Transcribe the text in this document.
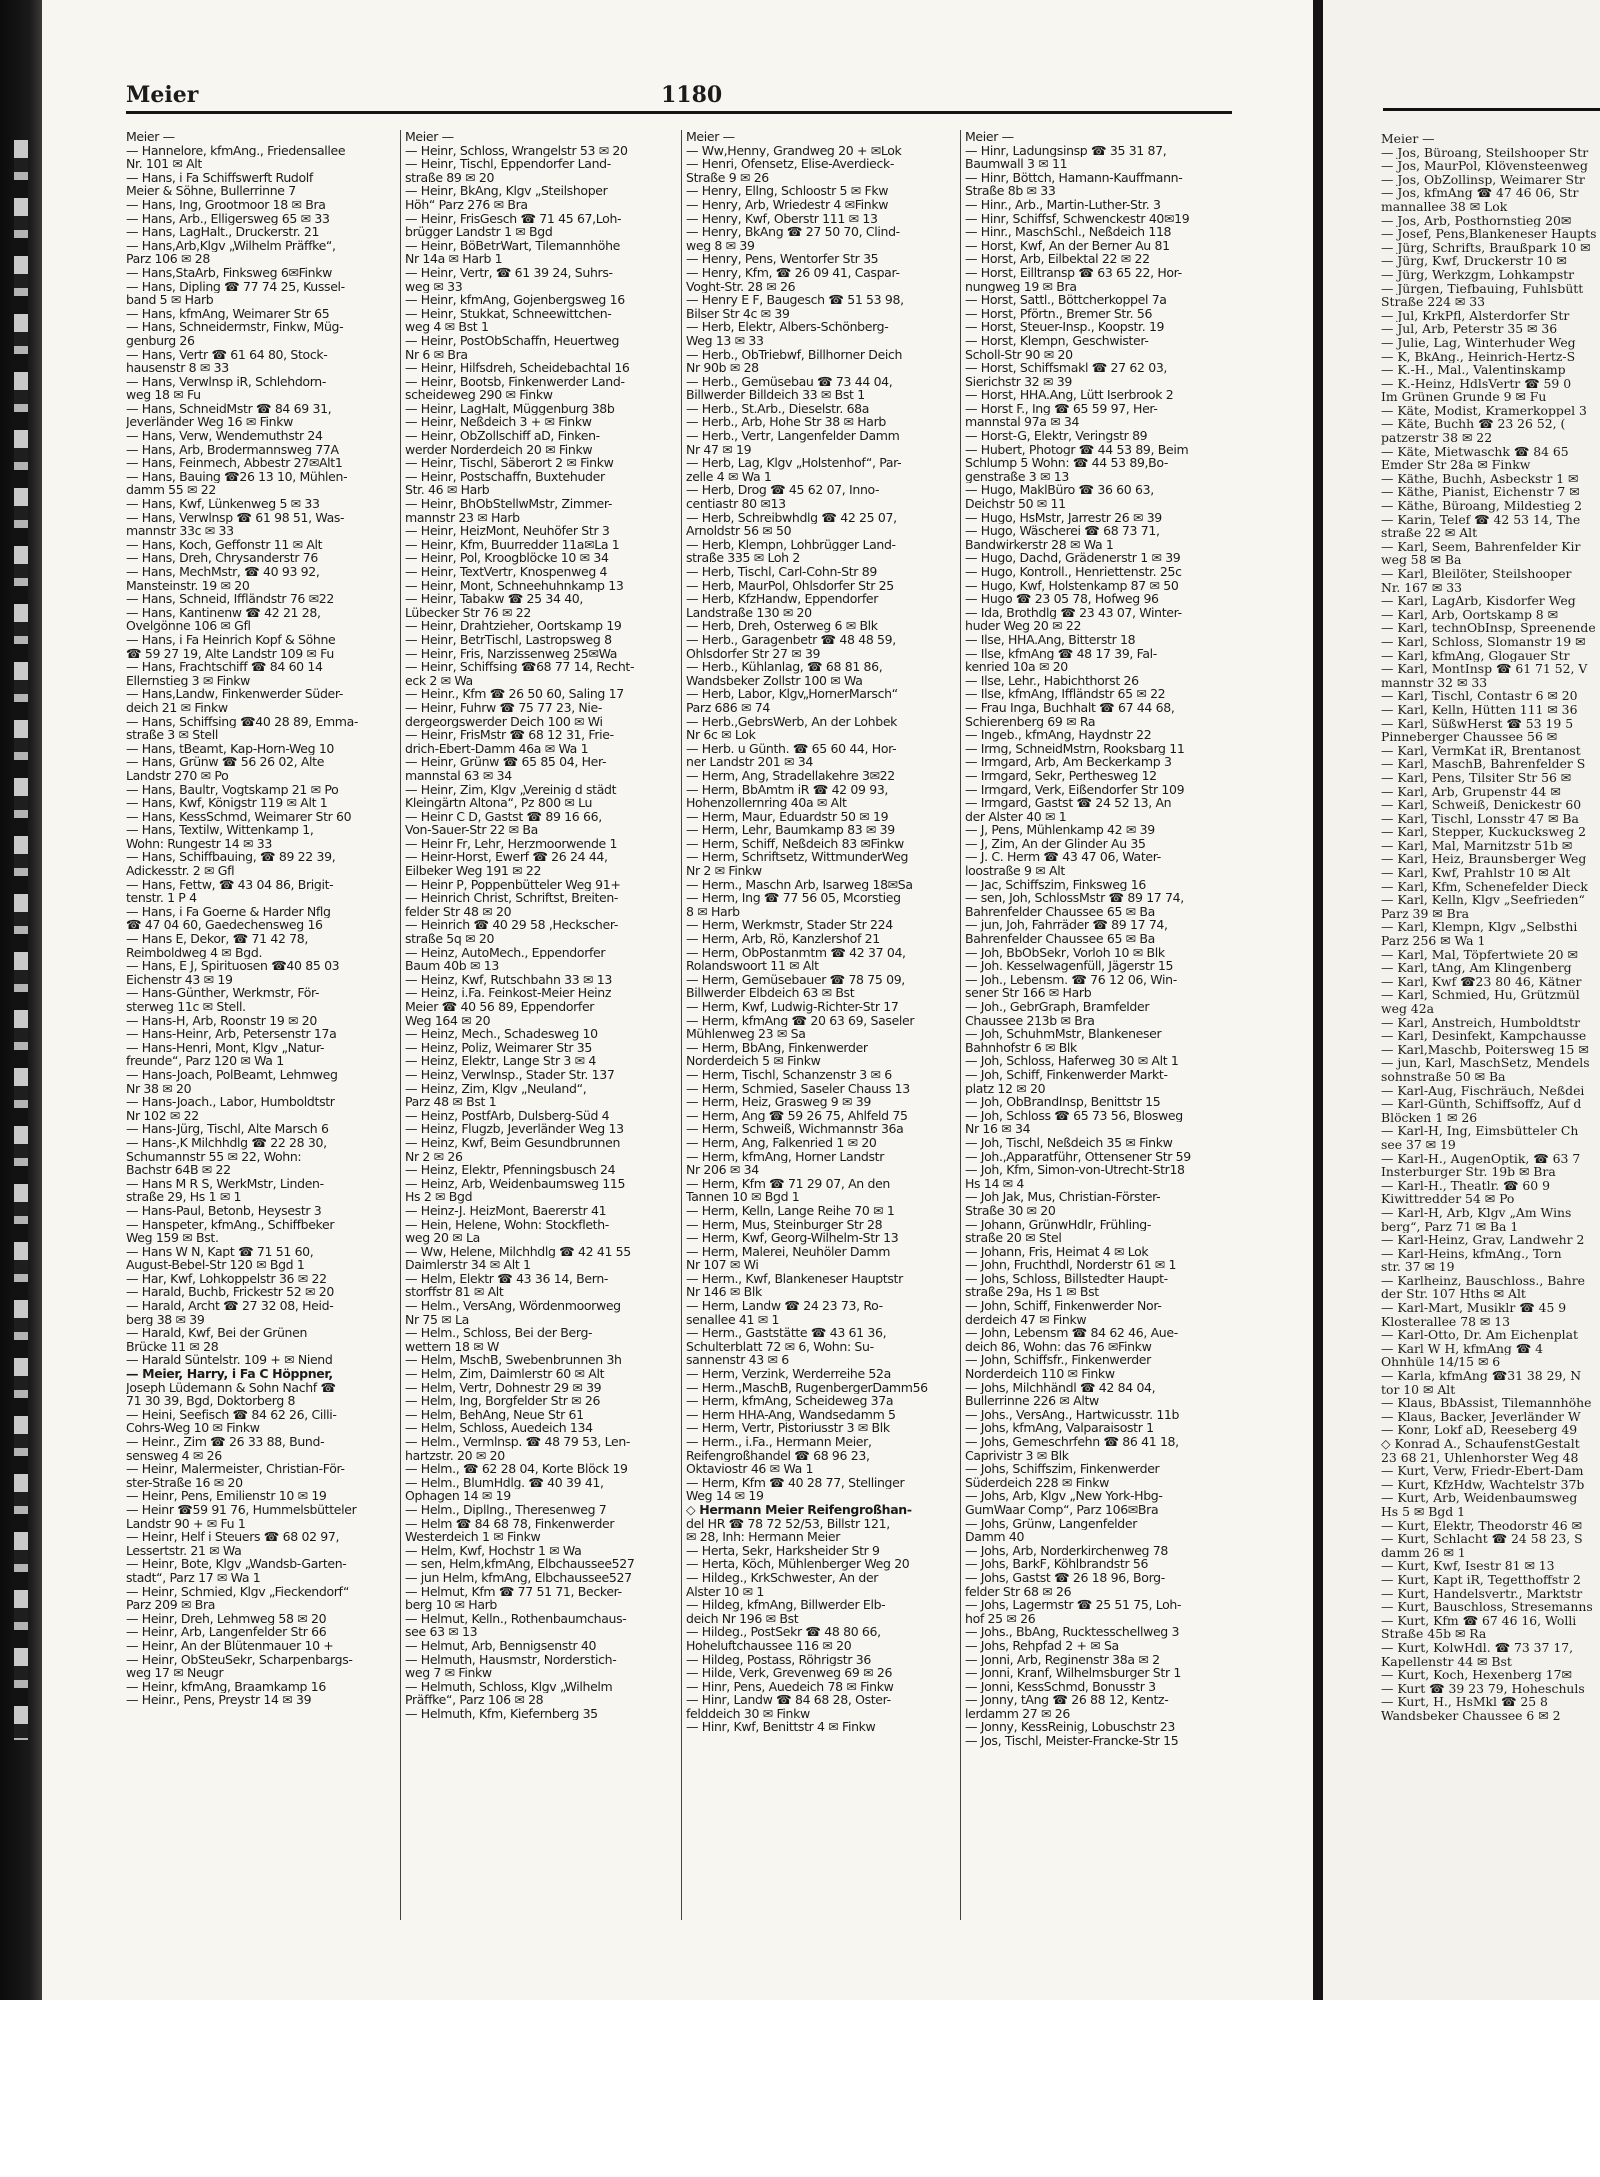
Meier	1180
Meier —
— Hannelore, kfmAng., Friedensallee
Nr. 101 ✉ Alt
— Hans, i Fa Schiffswerft Rudolf
Meier & Söhne, Bullerrinne 7
— Hans, Ing, Grootmoor 18 ✉ Bra
— Hans, Arb., Elligersweg 65 ✉ 33
— Hans, LagHalt., Druckerstr. 21
— Hans,Arb,Klgv „Wilhelm Präffke“,
Parz 106 ✉ 28
— Hans,StaArb, Finksweg 6✉Finkw
— Hans, Dipling ☎ 77 74 25, Kussel-
band 5 ✉ Harb
— Hans, kfmAng, Weimarer Str 65
— Hans, Schneidermstr, Finkw, Müg-
genburg 26
— Hans, Vertr ☎ 61 64 80, Stock-
hausenstr 8 ✉ 33
— Hans, Verwlnsp iR, Schlehdorn-
weg 18 ✉ Fu
— Hans, SchneidMstr ☎ 84 69 31,
Jeverländer Weg 16 ✉ Finkw
— Hans, Verw, Wendemuthstr 24
— Hans, Arb, Brodermannsweg 77A
— Hans, Feinmech, Abbestr 27✉Alt1
— Hans, Bauing ☎26 13 10, Mühlen-
damm 55 ✉ 22
— Hans, Kwf, Lünkenweg 5 ✉ 33
— Hans, Verwlnsp ☎ 61 98 51, Was-
mannstr 33c ✉ 33
— Hans, Koch, Geffonstr 11 ✉ Alt
— Hans, Dreh, Chrysanderstr 76
— Hans, MechMstr, ☎ 40 93 92,
Mansteinstr. 19 ✉ 20
— Hans, Schneid, Iffländstr 76 ✉22
— Hans, Kantinenw ☎ 42 21 28,
Ovelgönne 106 ✉ Gfl
— Hans, i Fa Heinrich Kopf & Söhne
☎ 59 27 19, Alte Landstr 109 ✉ Fu
— Hans, Frachtschiff ☎ 84 60 14
Ellernstieg 3 ✉ Finkw
— Hans,Landw, Finkenwerder Süder-
deich 21 ✉ Finkw
— Hans, Schiffsing ☎40 28 89, Emma-
straße 3 ✉ Stell
— Hans, tBeamt, Kap-Horn-Weg 10
— Hans, Grünw ☎ 56 26 02, Alte
Landstr 270 ✉ Po
— Hans, Baultr, Vogtskamp 21 ✉ Po
— Hans, Kwf, Königstr 119 ✉ Alt 1
— Hans, KessSchmd, Weimarer Str 60
— Hans, Textilw, Wittenkamp 1,
Wohn: Rungestr 14 ✉ 33
— Hans, Schiffbauing, ☎ 89 22 39,
Adickesstr. 2 ✉ Gfl
— Hans, Fettw, ☎ 43 04 86, Brigit-
tenstr. 1 P 4
— Hans, i Fa Goerne & Harder Nflg
☎ 47 04 60, Gaedechensweg 16
— Hans E, Dekor, ☎ 71 42 78,
Reimboldweg 4 ✉ Bgd.
— Hans, E J, Spirituosen ☎40 85 03
Eichenstr 43 ✉ 19
— Hans-Günther, Werkmstr, För-
sterweg 11c ✉ Stell.
— Hans-H, Arb, Roonstr 19 ✉ 20
— Hans-Heinr, Arb, Petersenstr 17a
— Hans-Henri, Mont, Klgv „Natur-
freunde“, Parz 120 ✉ Wa 1
— Hans-Joach, PolBeamt, Lehmweg
Nr 38 ✉ 20
— Hans-Joach., Labor, Humboldtstr
Nr 102 ✉ 22
— Hans-Jürg, Tischl, Alte Marsch 6
— Hans-,K Milchhdlg ☎ 22 28 30,
Schumannstr 55 ✉ 22, Wohn:
Bachstr 64B ✉ 22
— Hans M R S, WerkMstr, Linden-
straße 29, Hs 1 ✉ 1
— Hans-Paul, Betonb, Heysestr 3
— Hanspeter, kfmAng., Schiffbeker
Weg 159 ✉ Bst.
— Hans W N, Kapt ☎ 71 51 60,
August-Bebel-Str 120 ✉ Bgd 1
— Har, Kwf, Lohkoppelstr 36 ✉ 22
— Harald, Buchb, Frickestr 52 ✉ 20
— Harald, Archt ☎ 27 32 08, Heid-
berg 38 ✉ 39
— Harald, Kwf, Bei der Grünen
Brücke 11 ✉ 28
— Harald Süntelstr. 109 + ✉ Niend
— Meier, Harry, i Fa C Höppner,
Joseph Lüdemann & Sohn Nachf ☎
71 30 39, Bgd, Doktorberg 8
— Heini, Seefisch ☎ 84 62 26, Cilli-
Cohrs-Weg 10 ✉ Finkw
— Heinr., Zim ☎ 26 33 88, Bund-
sensweg 4 ✉ 26
— Heinr, Malermeister, Christian-För-
ster-Straße 16 ✉ 20
— Heinr, Pens, Emilienstr 10 ✉ 19
— Heinr ☎59 91 76, Hummelsbütteler
Landstr 90 + ✉ Fu 1
— Heinr, Helf i Steuers ☎ 68 02 97,
Lessertstr. 21 ✉ Wa
— Heinr, Bote, Klgv „Wandsb-Garten-
stadt“, Parz 17 ✉ Wa 1
— Heinr, Schmied, Klgv „Fieckendorf“
Parz 209 ✉ Bra
— Heinr, Dreh, Lehmweg 58 ✉ 20
— Heinr, Arb, Langenfelder Str 66
— Heinr, An der Blütenmauer 10 +
— Heinr, ObSteuSekr, Scharpenbargs-
weg 17 ✉ Neugr
— Heinr, kfmAng, Braamkamp 16
— Heinr., Pens, Preystr 14 ✉ 39
Meier —
— Heinr, Schloss, Wrangelstr 53 ✉ 20
— Heinr, Tischl, Eppendorfer Land-
straße 89 ✉ 20
— Heinr, BkAng, Klgv „Steilshoper
Höh“ Parz 276 ✉ Bra
— Heinr, FrisGesch ☎ 71 45 67,Loh-
brügger Landstr 1 ✉ Bgd
— Heinr, BöBetrWart, Tilemannhöhe
Nr 14a ✉ Harb 1
— Heinr, Vertr, ☎ 61 39 24, Suhrs-
weg ✉ 33
— Heinr, kfmAng, Gojenbergsweg 16
— Heinr, Stukkat, Schneewittchen-
weg 4 ✉ Bst 1
— Heinr, PostObSchaffn, Heuertweg
Nr 6 ✉ Bra
— Heinr, Hilfsdreh, Scheidebachtal 16
— Heinr, Bootsb, Finkenwerder Land-
scheideweg 290 ✉ Finkw
— Heinr, LagHalt, Müggenburg 38b
— Heinr, Neßdeich 3 + ✉ Finkw
— Heinr, ObZollschiff aD, Finken-
werder Norderdeich 20 ✉ Finkw
— Heinr, Tischl, Säberort 2 ✉ Finkw
— Heinr, Postschaffn, Buxtehuder
Str. 46 ✉ Harb
— Heinr, BhObStellwMstr, Zimmer-
mannstr 23 ✉ Harb
— Heinr, HeizMont, Neuhöfer Str 3
— Heinr, Kfm, Buurredder 11a✉La 1
— Heinr, Pol, Kroogblöcke 10 ✉ 34
— Heinr, TextVertr, Knospenweg 4
— Heinr, Mont, Schneehuhnkamp 13
— Heinr, Tabakw ☎ 25 34 40,
Lübecker Str 76 ✉ 22
— Heinr, Drahtzieher, Oortskamp 19
— Heinr, BetrTischl, Lastropsweg 8
— Heinr, Fris, Narzissenweg 25✉Wa
— Heinr, Schiffsing ☎68 77 14, Recht-
eck 2 ✉ Wa
— Heinr., Kfm ☎ 26 50 60, Saling 17
— Heinr, Fuhrw ☎ 75 77 23, Nie-
dergeorgswerder Deich 100 ✉ Wi
— Heinr, FrisMstr ☎ 68 12 31, Frie-
drich-Ebert-Damm 46a ✉ Wa 1
— Heinr, Grünw ☎ 65 85 04, Her-
mannstal 63 ✉ 34
— Heinr, Zim, Klgv „Vereinig d städt
Kleingärtn Altona“, Pz 800 ✉ Lu
— Heinr C D, Gastst ☎ 89 16 66,
Von-Sauer-Str 22 ✉ Ba
— Heinr Fr, Lehr, Herzmoorwende 1
— Heinr-Horst, Ewerf ☎ 26 24 44,
Eilbeker Weg 191 ✉ 22
— Heinr P, Poppenbütteler Weg 91+
— Heinrich Christ, Schriftst, Breiten-
felder Str 48 ✉ 20
— Heinrich ☎ 40 29 58 ,Heckscher-
straße 5q ✉ 20
— Heinz, AutoMech., Eppendorfer
Baum 40b ✉ 13
— Heinz, Kwf, Rutschbahn 33 ✉ 13
— Heinz, i.Fa. Feinkost-Meier Heinz
Meier ☎ 40 56 89, Eppendorfer
Weg 164 ✉ 20
— Heinz, Mech., Schadesweg 10
— Heinz, Poliz, Weimarer Str 35
— Heinz, Elektr, Lange Str 3 ✉ 4
— Heinz, Verwlnsp., Stader Str. 137
— Heinz, Zim, Klgv „Neuland“,
Parz 48 ✉ Bst 1
— Heinz, PostfArb, Dulsberg-Süd 4
— Heinz, Flugzb, Jeverländer Weg 13
— Heinz, Kwf, Beim Gesundbrunnen
Nr 2 ✉ 26
— Heinz, Elektr, Pfenningsbusch 24
— Heinz, Arb, Weidenbaumsweg 115
Hs 2 ✉ Bgd
— Heinz-J. HeizMont, Baererstr 41
— Hein, Helene, Wohn: Stockfleth-
weg 20 ✉ La
— Ww, Helene, Milchhdlg ☎ 42 41 55
Daimlerstr 34 ✉ Alt 1
— Helm, Elektr ☎ 43 36 14, Bern-
storffstr 81 ✉ Alt
— Helm., VersAng, Wördenmoorweg
Nr 75 ✉ La
— Helm., Schloss, Bei der Berg-
wettern 18 ✉ W
— Helm, MschB, Swebenbrunnen 3h
— Helm, Zim, Daimlerstr 60 ✉ Alt
— Helm, Vertr, Dohnestr 29 ✉ 39
— Helm, Ing, Borgfelder Str ✉ 26
— Helm, BehAng, Neue Str 61
— Helm, Schloss, Auedeich 134
— Helm., Vermlnsp. ☎ 48 79 53, Len-
hartzstr. 20 ✉ 20
— Helm., ☎ 62 28 04, Korte Blöck 19
— Helm., BlumHdlg. ☎ 40 39 41,
Ophagen 14 ✉ 19
— Helm., Dipllng., Theresenweg 7
— Helm ☎ 84 68 78, Finkenwerder
Westerdeich 1 ✉ Finkw
— Helm, Kwf, Hochstr 1 ✉ Wa
— sen, Helm,kfmAng, Elbchaussee527
— jun Helm, kfmAng, Elbchaussee527
— Helmut, Kfm ☎ 77 51 71, Becker-
berg 10 ✉ Harb
— Helmut, Kelln., Rothenbaumchaus-
see 63 ✉ 13
— Helmut, Arb, Bennigsenstr 40
— Helmuth, Hausmstr, Norderstich-
weg 7 ✉ Finkw
— Helmuth, Schloss, Klgv „Wilhelm
Präffke“, Parz 106 ✉ 28
— Helmuth, Kfm, Kiefernberg 35
Meier —
— Ww,Henny, Grandweg 20 + ✉Lok
— Henri, Ofensetz, Elise-Averdieck-
Straße 9 ✉ 26
— Henry, Ellng, Schloostr 5 ✉ Fkw
— Henry, Arb, Wriedestr 4 ✉Finkw
— Henry, Kwf, Oberstr 111 ✉ 13
— Henry, BkAng ☎ 27 50 70, Clind-
weg 8 ✉ 39
— Henry, Pens, Wentorfer Str 35
— Henry, Kfm, ☎ 26 09 41, Caspar-
Voght-Str. 28 ✉ 26
— Henry E F, Baugesch ☎ 51 53 98,
Bilser Str 4c ✉ 39
— Herb, Elektr, Albers-Schönberg-
Weg 13 ✉ 33
— Herb., ObTriebwf, Billhorner Deich
Nr 90b ✉ 28
— Herb., Gemüsebau ☎ 73 44 04,
Billwerder Billdeich 33 ✉ Bst 1
— Herb., St.Arb., Dieselstr. 68a
— Herb., Arb, Hohe Str 38 ✉ Harb
— Herb., Vertr, Langenfelder Damm
Nr 47 ✉ 19
— Herb, Lag, Klgv „Holstenhof“, Par-
zelle 4 ✉ Wa 1
— Herb, Drog ☎ 45 62 07, Inno-
centiastr 80 ✉13
— Herb, Schreibwhdlg ☎ 42 25 07,
Arnoldstr 56 ✉ 50
— Herb, Klempn, Lohbrügger Land-
straße 335 ✉ Loh 2
— Herb, Tischl, Carl-Cohn-Str 89
— Herb, MaurPol, Ohlsdorfer Str 25
— Herb, KfzHandw, Eppendorfer
Landstraße 130 ✉ 20
— Herb, Dreh, Osterweg 6 ✉ Blk
— Herb., Garagenbetr ☎ 48 48 59,
Ohlsdorfer Str 27 ✉ 39
— Herb., Kühlanlag, ☎ 68 81 86,
Wandsbeker Zollstr 100 ✉ Wa
— Herb, Labor, Klgv„HornerMarsch“
Parz 686 ✉ 74
— Herb.,GebrsWerb, An der Lohbek
Nr 6c ✉ Lok
— Herb. u Günth. ☎ 65 60 44, Hor-
ner Landstr 201 ✉ 34
— Herm, Ang, Stradellakehre 3✉22
— Herm, BbAmtm iR ☎ 42 09 93,
Hohenzollernring 40a ✉ Alt
— Herm, Maur, Eduardstr 50 ✉ 19
— Herm, Lehr, Baumkamp 83 ✉ 39
— Herm, Schiff, Neßdeich 83 ✉Finkw
— Herm, Schriftsetz, WittmunderWeg
Nr 2 ✉ Finkw
— Herm., Maschn Arb, Isarweg 18✉Sa
— Herm, Ing ☎ 77 56 05, Mcorstieg
8 ✉ Harb
— Herm, Werkmstr, Stader Str 224
— Herm, Arb, Rö, Kanzlershof 21
— Herm, ObPostanmtm ☎ 42 37 04,
Rolandswoort 11 ✉ Alt
— Herm, Gemüsebauer ☎ 78 75 09,
Billwerder Elbdeich 63 ✉ Bst
— Herm, Kwf, Ludwig-Richter-Str 17
— Herm, kfmAng ☎ 20 63 69, Saseler
Mühlenweg 23 ✉ Sa
— Herm, BbAng, Finkenwerder
Norderdeich 5 ✉ Finkw
— Herm, Tischl, Schanzenstr 3 ✉ 6
— Herm, Schmied, Saseler Chauss 13
— Herm, Heiz, Grasweg 9 ✉ 39
— Herm, Ang ☎ 59 26 75, Ahlfeld 75
— Herm, Schweiß, Wichmannstr 36a
— Herm, Ang, Falkenried 1 ✉ 20
— Herm, kfmAng, Horner Landstr
Nr 206 ✉ 34
— Herm, Kfm ☎ 71 29 07, An den
Tannen 10 ✉ Bgd 1
— Herm, Kelln, Lange Reihe 70 ✉ 1
— Herm, Mus, Steinburger Str 28
— Herm, Kwf, Georg-Wilhelm-Str 13
— Herm, Malerei, Neuhöler Damm
Nr 107 ✉ Wi
— Herm., Kwf, Blankeneser Hauptstr
Nr 146 ✉ Blk
— Herm, Landw ☎ 24 23 73, Ro-
senallee 41 ✉ 1
— Herm., Gaststätte ☎ 43 61 36,
Schulterblatt 72 ✉ 6, Wohn: Su-
sannenstr 43 ✉ 6
— Herm, Verzink, Werderreihe 52a
— Herm.,MaschB, RugenbergerDamm56
— Herm, kfmAng, Scheideweg 37a
— Herm HHA-Ang, Wandsedamm 5
— Herm, Vertr, Pistoriusstr 3 ✉ Blk
— Herm., i.Fa., Hermann Meier,
Reifengroßhandel ☎ 68 96 23,
Oktaviostr 46 ✉ Wa 1
— Herm, Kfm ☎ 40 28 77, Stellinger
Weg 14 ✉ 19
◇ Hermann Meier Reifengroßhan-
del HR ☎ 78 72 52/53, Billstr 121,
✉ 28, Inh: Hermann Meier
— Herta, Sekr, Harksheider Str 9
— Herta, Köch, Mühlenberger Weg 20
— Hildeg., KrkSchwester, An der
Alster 10 ✉ 1
— Hildeg, kfmAng, Billwerder Elb-
deich Nr 196 ✉ Bst
— Hildeg., PostSekr ☎ 48 80 66,
Hoheluftchaussee 116 ✉ 20
— Hildeg, Postass, Röhrigstr 36
— Hilde, Verk, Grevenweg 69 ✉ 26
— Hinr, Pens, Auedeich 78 ✉ Finkw
— Hinr, Landw ☎ 84 68 28, Oster-
felddeich 30 ✉ Finkw
— Hinr, Kwf, Benittstr 4 ✉ Finkw
Meier —
— Hinr, Ladungsinsp ☎ 35 31 87,
Baumwall 3 ✉ 11
— Hinr, Böttch, Hamann-Kauffmann-
Straße 8b ✉ 33
— Hinr., Arb., Martin-Luther-Str. 3
— Hinr, Schiffsf, Schwenckestr 40✉19
— Hinr., MaschSchl., Neßdeich 118
— Horst, Kwf, An der Berner Au 81
— Horst, Arb, Eilbektal 22 ✉ 22
— Horst, Eilltransp ☎ 63 65 22, Hor-
nungweg 19 ✉ Bra
— Horst, Sattl., Böttcherkoppel 7a
— Horst, Pförtn., Bremer Str. 56
— Horst, Steuer-Insp., Koopstr. 19
— Horst, Klempn, Geschwister-
Scholl-Str 90 ✉ 20
— Horst, Schiffsmakl ☎ 27 62 03,
Sierichstr 32 ✉ 39
— Horst, HHA.Ang, Lütt Iserbrook 2
— Horst F., Ing ☎ 65 59 97, Her-
mannstal 97a ✉ 34
— Horst-G, Elektr, Veringstr 89
— Hubert, Photogr ☎ 44 53 89, Beim
Schlump 5 Wohn: ☎ 44 53 89,Bo-
genstraße 3 ✉ 13
— Hugo, MaklBüro ☎ 36 60 63,
Deichstr 50 ✉ 11
— Hugo, HsMstr, Jarrestr 26 ✉ 39
— Hugo, Wäscherei ☎ 68 73 71,
Bandwirkerstr 28 ✉ Wa 1
— Hugo, Dachd, Grädenerstr 1 ✉ 39
— Hugo, Kontroll., Henriettenstr. 25c
— Hugo, Kwf, Holstenkamp 87 ✉ 50
— Hugo ☎ 23 05 78, Hofweg 96
— Ida, Brothdlg ☎ 23 43 07, Winter-
huder Weg 20 ✉ 22
— Ilse, HHA.Ang, Bitterstr 18
— Ilse, kfmAng ☎ 48 17 39, Fal-
kenried 10a ✉ 20
— Ilse, Lehr., Habichthorst 26
— Ilse, kfmAng, Iffländstr 65 ✉ 22
— Frau Inga, Buchhalt ☎ 67 44 68,
Schierenberg 69 ✉ Ra
— Ingeb., kfmAng, Haydnstr 22
— Irmg, SchneidMstrn, Rooksbarg 11
— Irmgard, Arb, Am Beckerkamp 3
— Irmgard, Sekr, Perthesweg 12
— Irmgard, Verk, Eißendorfer Str 109
— Irmgard, Gastst ☎ 24 52 13, An
der Alster 40 ✉ 1
— J, Pens, Mühlenkamp 42 ✉ 39
— J, Zim, An der Glinder Au 35
— J. C. Herm ☎ 43 47 06, Water-
loostraße 9 ✉ Alt
— Jac, Schiffszim, Finksweg 16
— sen, Joh, SchlossMstr ☎ 89 17 74,
Bahrenfelder Chaussee 65 ✉ Ba
— jun, Joh, Fahrräder ☎ 89 17 74,
Bahrenfelder Chaussee 65 ✉ Ba
— Joh, BbObSekr, Vorloh 10 ✉ Blk
— Joh. Kesselwagenfüll, Jägerstr 15
— Joh., Lebensm. ☎ 76 12 06, Win-
sener Str 166 ✉ Harb
— Joh., GebrGraph, Bramfelder
Chaussee 213b ✉ Bra
— Joh, SchuhmMstr, Blankeneser
Bahnhofstr 6 ✉ Blk
— Joh, Schloss, Haferweg 30 ✉ Alt 1
— Joh, Schiff, Finkenwerder Markt-
platz 12 ✉ 20
— Joh, ObBrandInsp, Benittstr 15
— Joh, Schloss ☎ 65 73 56, Blosweg
Nr 16 ✉ 34
— Joh, Tischl, Neßdeich 35 ✉ Finkw
— Joh.,Apparatführ, Ottensener Str 59
— Joh, Kfm, Simon-von-Utrecht-Str18
Hs 14 ✉ 4
— Joh Jak, Mus, Christian-Förster-
Straße 30 ✉ 20
— Johann, GrünwHdlr, Frühling-
straße 20 ✉ Stel
— Johann, Fris, Heimat 4 ✉ Lok
— John, Fruchthdl, Norderstr 61 ✉ 1
— Johs, Schloss, Billstedter Haupt-
straße 29a, Hs 1 ✉ Bst
— John, Schiff, Finkenwerder Nor-
derdeich 47 ✉ Finkw
— John, Lebensm ☎ 84 62 46, Aue-
deich 86, Wohn: das 76 ✉Finkw
— John, Schiffsfr., Finkenwerder
Norderdeich 110 ✉ Finkw
— Johs, Milchhändl ☎ 42 84 04,
Bullerrinne 226 ✉ Altw
— Johs., VersAng., Hartwicusstr. 11b
— Johs, kfmAng, Valparaisostr 1
— Johs, Gemeschrfehn ☎ 86 41 18,
Caprivistr 3 ✉ Blk
— Johs, Schiffszim, Finkenwerder
Süderdeich 228 ✉ Finkw
— Johs, Arb, Klgv „New York-Hbg-
GumWaar Comp“, Parz 106✉Bra
— Johs, Grünw, Langenfelder
Damm 40
— Johs, Arb, Norderkirchenweg 78
— Johs, BarkF, Köhlbrandstr 56
— Johs, Gastst ☎ 26 18 96, Borg-
felder Str 68 ✉ 26
— Johs, Lagermstr ☎ 25 51 75, Loh-
hof 25 ✉ 26
— Johs., BbAng, Rucktesschellweg 3
— Johs, Rehpfad 2 + ✉ Sa
— Jonni, Arb, Reginenstr 38a ✉ 2
— Jonni, Kranf, Wilhelmsburger Str 1
— Jonni, KessSchmd, Bonusstr 3
— Jonny, tAng ☎ 26 88 12, Kentz-
lerdamm 27 ✉ 26
— Jonny, KessReinig, Lobuschstr 23
— Jos, Tischl, Meister-Francke-Str 15
Meier —
— Jos, Büroang, Steilshooper Str
— Jos, MaurPol, Klövensteenweg
— Jos, ObZollinsp, Weimarer Str
— Jos, kfmAng ☎ 47 46 06, Str
mannallee 38 ✉ Lok
— Jos, Arb, Posthornstieg 20✉
— Josef, Pens,Blankeneser Haupts
— Jürg, Schrifts, Braußpark 10 ✉
— Jürg, Kwf, Druckerstr 10 ✉
— Jürg, Werkzgm, Lohkampstr
— Jürgen, Tiefbauing, Fuhlsbütt
Straße 224 ✉ 33
— Jul, KrkPfl, Alsterdorfer Str
— Jul, Arb, Peterstr 35 ✉ 36
— Julie, Lag, Winterhuder Weg
— K, BkAng., Heinrich-Hertz-S
— K.-H., Mal., Valentinskamp
— K.-Heinz, HdlsVertr ☎ 59 0
Im Grünen Grunde 9 ✉ Fu
— Käte, Modist, Kramerkoppel 3
— Käte, Buchh ☎ 23 26 52, (
patzerstr 38 ✉ 22
— Käte, Mietwaschk ☎ 84 65
Emder Str 28a ✉ Finkw
— Käthe, Buchh, Asbeckstr 1 ✉
— Käthe, Pianist, Eichenstr 7 ✉
— Käthe, Büroang, Mildestieg 2
— Karin, Telef ☎ 42 53 14, The
straße 22 ✉ Alt
— Karl, Seem, Bahrenfelder Kir
weg 58 ✉ Ba
— Karl, Bleilöter, Steilshooper
Nr. 167 ✉ 33
— Karl, LagArb, Kisdorfer Weg
— Karl, Arb, Oortskamp 8 ✉
— Karl, technObInsp, Spreenende
— Karl, Schloss, Slomanstr 19 ✉
— Karl, kfmAng, Glogauer Str
— Karl, MontInsp ☎ 61 71 52, V
mannstr 32 ✉ 33
— Karl, Tischl, Contastr 6 ✉ 20
— Karl, Kelln, Hütten 111 ✉ 36
— Karl, SüßwHerst ☎ 53 19 5
Pinneberger Chaussee 56 ✉
— Karl, VermKat iR, Brentanost
— Karl, MaschB, Bahrenfelder S
— Karl, Pens, Tilsiter Str 56 ✉
— Karl, Arb, Grupenstr 44 ✉
— Karl, Schweiß, Denickestr 60
— Karl, Tischl, Lonsstr 47 ✉ Ba
— Karl, Stepper, Kuckucksweg 2
— Karl, Mal, Marnitzstr 51b ✉
— Karl, Heiz, Braunsberger Weg
— Karl, Kwf, Prahlstr 10 ✉ Alt
— Karl, Kfm, Schenefelder Dieck
— Karl, Kelln, Klgv „Seefrieden“
Parz 39 ✉ Bra
— Karl, Klempn, Klgv „Selbsthi
Parz 256 ✉ Wa 1
— Karl, Mal, Töpfertwiete 20 ✉
— Karl, tAng, Am Klingenberg
— Karl, Kwf ☎23 80 46, Kätner
— Karl, Schmied, Hu, Grützmül
weg 42a
— Karl, Anstreich, Humboldtstr
— Karl, Desinfekt, Kampchausse
— Karl,Maschb, Poitersweg 15 ✉
— jun, Karl, MaschSetz, Mendels
sohnstraße 50 ✉ Ba
— Karl-Aug, Fischräuch, Neßdei
— Karl-Günth, Schiffsoffz, Auf d
Blöcken 1 ✉ 26
— Karl-H, Ing, Eimsbütteler Ch
see 37 ✉ 19
— Karl-H., AugenOptik, ☎ 63 7
Insterburger Str. 19b ✉ Bra
— Karl-H., Theatlr. ☎ 60 9
Kiwittredder 54 ✉ Po
— Karl-H, Arb, Klgv „Am Wins
berg“, Parz 71 ✉ Ba 1
— Karl-Heinz, Grav, Landwehr 2
— Karl-Heins, kfmAng., Torn
str. 37 ✉ 19
— Karlheinz, Bauschloss., Bahre
der Str. 107 Hths ✉ Alt
— Karl-Mart, Musiklr ☎ 45 9
Klosterallee 78 ✉ 13
— Karl-Otto, Dr. Am Eichenplat
— Karl W H, kfmAng ☎ 4
Ohnhüle 14/15 ✉ 6
— Karla, kfmAng ☎31 38 29, N
tor 10 ✉ Alt
— Klaus, BbAssist, Tilemannhöhe
— Klaus, Backer, Jeverländer W
— Konr, Lokf aD, Reeseberg 49
◇ Konrad A., SchaufenstGestalt
23 68 21, Uhlenhorster Weg 48
— Kurt, Verw, Friedr-Ebert-Dam
— Kurt, KfzHdw, Wachtelstr 37b
— Kurt, Arb, Weidenbaumsweg
Hs 5 ✉ Bgd 1
— Kurt, Elektr, Theodorstr 46 ✉
— Kurt, Schlacht ☎ 24 58 23, S
damm 26 ✉ 1
— Kurt, Kwf, Isestr 81 ✉ 13
— Kurt, Kapt iR, Tegetthoffstr 2
— Kurt, Handelsvertr., Marktstr
— Kurt, Bauschloss, Stresemanns
— Kurt, Kfm ☎ 67 46 16, Wolli
Straße 45b ✉ Ra
— Kurt, KolwHdl. ☎ 73 37 17,
Kapellenstr 44 ✉ Bst
— Kurt, Koch, Hexenberg 17✉
— Kurt ☎ 39 23 79, Hoheschuls
— Kurt, H., HsMkl ☎ 25 8
Wandsbeker Chaussee 6 ✉ 2
